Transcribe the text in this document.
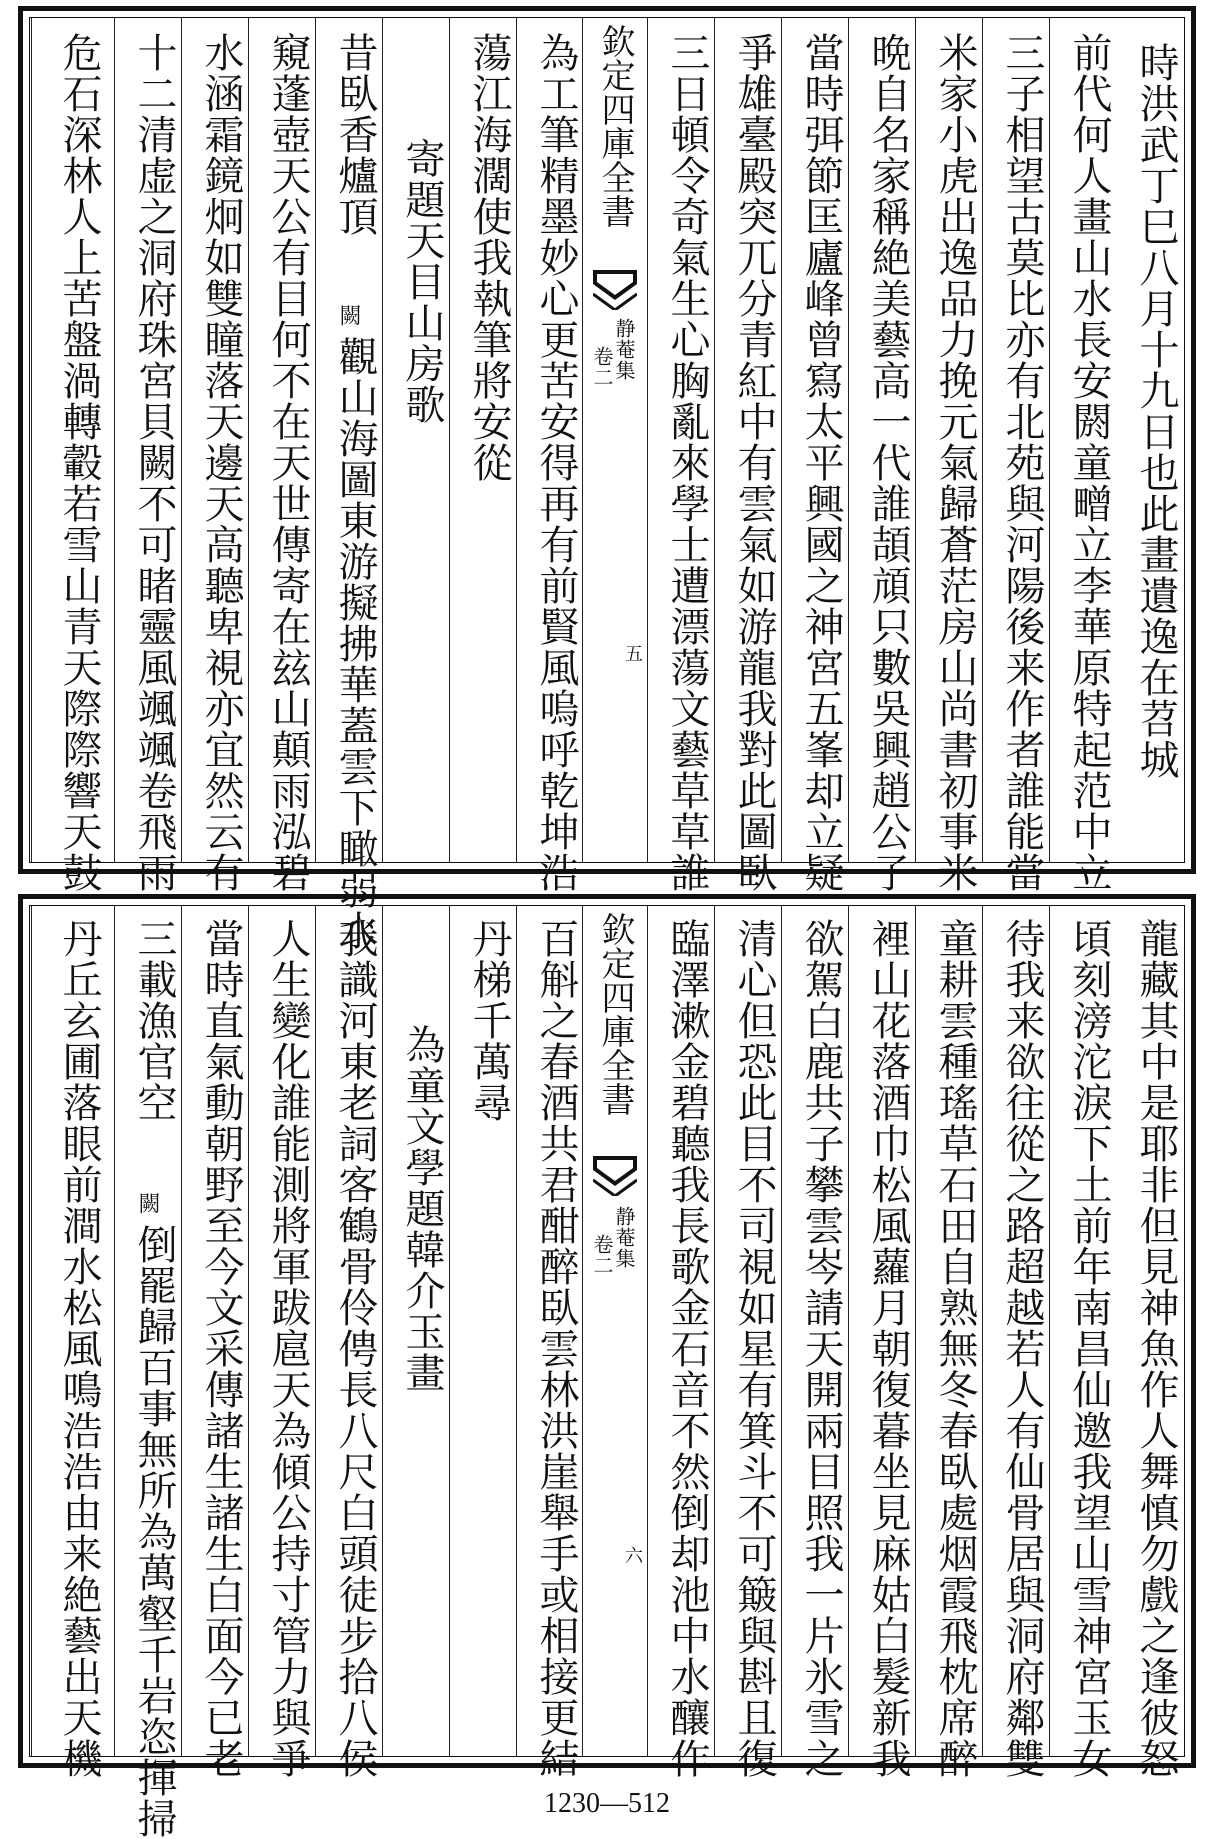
時洪武丁巳八月十九日也此畫遺逸在苕城
前代何人畫山水長安閼童㽪立李華原特起范中立
三子相望古莫比亦有北苑與河陽後来作者誰能當
米家小虎出逸品力挽元氣歸蒼茫房山尚書初事米
晩自名家稱絶美藝高一代誰頡頏只數吳興趙公子
當時弭節匡廬峰曾寫太平興國之神宮五峯却立疑
爭雄臺殿突兀分青紅中有雲氣如游龍我對此圖臥
三日頓令奇氣生心胸亂來學士遭漂蕩文藝草草誰
欽定四庫全書
静菴集
卷二
五
為工筆精墨妙心更苦安得再有前賢風嗚呼乾坤浩
蕩江海濶使我執筆將安從
寄題天目山房歌
昔臥香爐頂
闕
觀山海圖東游擬拂華蓋雲下瞰弱水
窺蓬壺天公有目何不在天世傳寄在玆山顛雨泓碧
水涵霜鏡炯如雙瞳落天邊天高聽卑視亦宜然云有
十二清虚之洞府珠宮貝闕不可睹靈風颯颯卷飛雨
危石深林人上苦盤渦轉轂若雪山青天際際響天鼓
龍藏其中是耶非但見神魚作人舞慎勿戲之逢彼怒
頃刻滂沱淚下土前年南昌仙邀我望山雪神宮玉女
待我来欲往從之路超越若人有仙骨居與洞府鄰雙
童耕雲種瑤草石田自熟無冬春臥處烟霞飛枕席醉
裡山花落酒巾松風蘿月朝復暮坐見麻姑白髮新我
欲駕白鹿共子攀雲岑請天開兩目照我一片氷雪之
清心但恐此目不司視如星有箕斗不可簸與斟且復
臨澤漱金碧聽我長歌金石音不然倒却池中水釀作
欽定四庫全書
静菴集
卷二
六
百斛之春酒共君酣醉臥雲林洪崖舉手或相接更結
丹梯千萬尋
為童文學題韓介玉畫
我識河東老詞客鶴骨伶俜長八尺白頭徒步拾八侯
人生變化誰能測將軍跋扈天為傾公持寸管力與爭
當時直氣動朝野至今文采傳諸生諸生白面今已老
三載漁官空
闕
倒罷歸百事無所為萬壑千岩恣揮掃
丹丘玄圃落眼前澗水松風鳴浩浩由来絶藝出天機
1230—512
